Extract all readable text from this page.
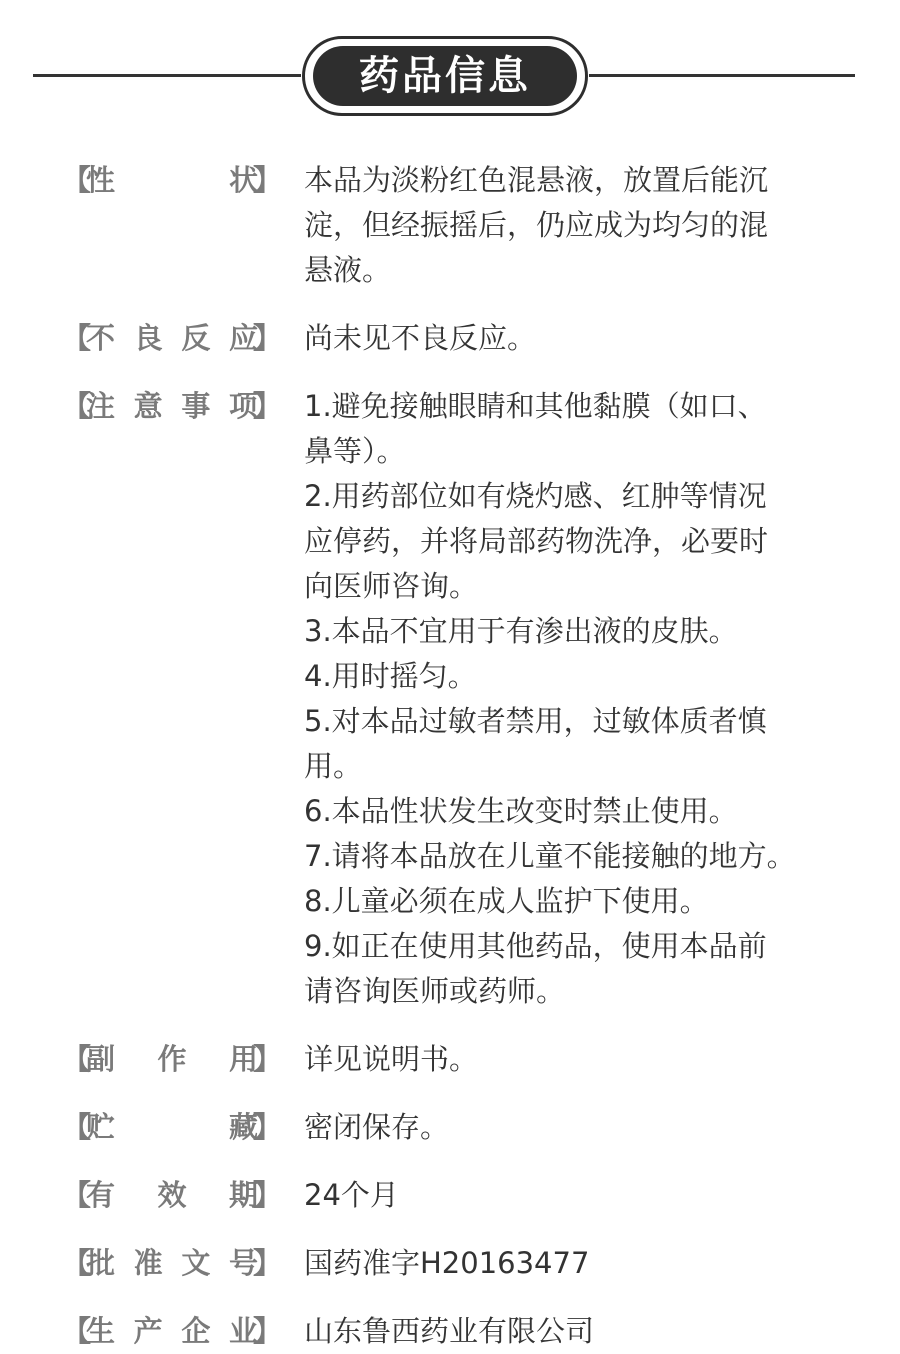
药品信息
【
性	状
】 本品为淡粉红色混悬液，放置后能沉
淀，但经振摇后，仍应成为均匀的混
悬液。
【
不 良 反 应
】 尚未见不良反应。
【
注 意 事 项
】 1.避免接触眼睛和其他黏膜（如口、
鼻等）。
2.用药部位如有烧灼感、红肿等情况
应停药，并将局部药物洗净，必要时
向医师咨询。
3.本品不宜用于有渗出液的皮肤。
4.用时摇匀。
5.对本品过敏者禁用，过敏体质者慎
用。
6.本品性状发生改变时禁止使用。
7.请将本品放在儿童不能接触的地方。
8.儿童必须在成人监护下使用。
9.如正在使用其他药品，使用本品前
请咨询医师或药师。
【
副 作 用
】 详见说明书。
【
贮	藏
】 密闭保存。
【
有 效 期
】 24个月
【
批 准 文 号
】 国药准字H20163477
【
生 产 企 业
】 山东鲁西药业有限公司
